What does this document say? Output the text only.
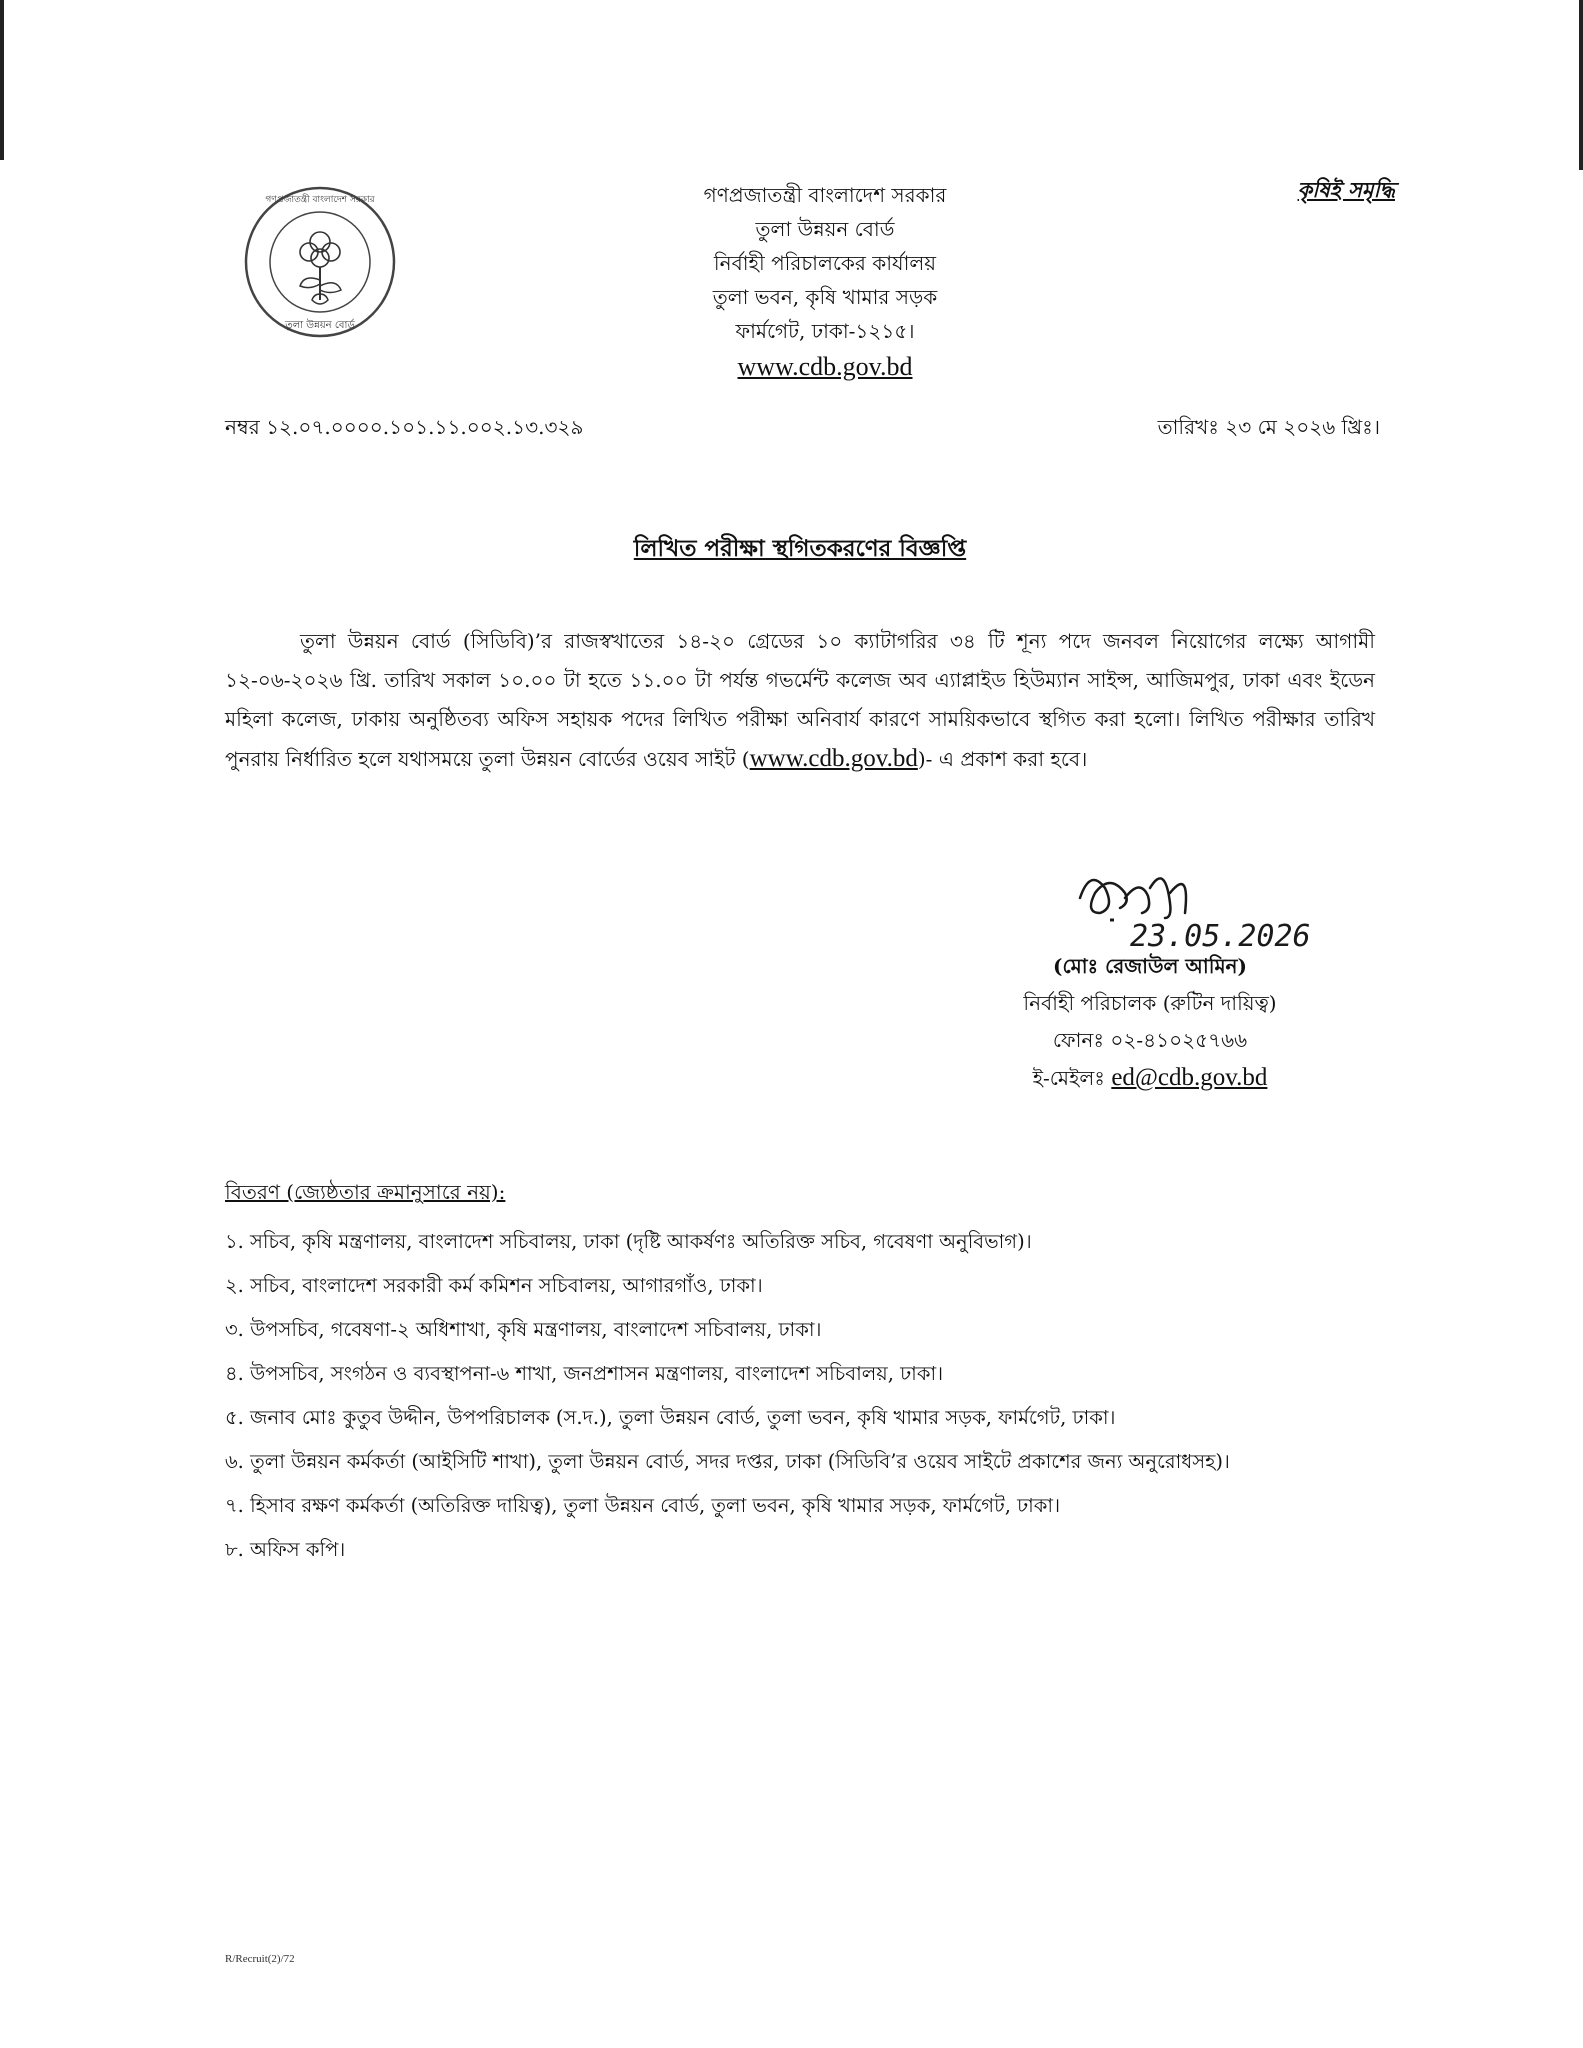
গণপ্রজাতন্ত্রী বাংলাদেশ সরকার
তুলা উন্নয়ন বোর্ড
গণপ্রজাতন্ত্রী বাংলাদেশ সরকার
তুলা উন্নয়ন বোর্ড
নির্বাহী পরিচালকের কার্যালয়
তুলা ভবন, কৃষি খামার সড়ক
ফার্মগেট, ঢাকা-১২১৫।
www.cdb.gov.bd
কৃষিই সমৃদ্ধি
নম্বর ১২.০৭.০০০০.১০১.১১.০০২.১৩.৩২৯	তারিখঃ ২৩ মে ২০২৬ খ্রিঃ।
লিখিত পরীক্ষা স্থগিতকরণের বিজ্ঞপ্তি
তুলা উন্নয়ন বোর্ড (সিডিবি)’র রাজস্বখাতের ১৪-২০ গ্রেডের ১০ ক্যাটাগরির ৩৪ টি শূন্য পদে জনবল নিয়োগের লক্ষ্যে আগামী ১২-০৬-২০২৬ খ্রি. তারিখ সকাল ১০.০০ টা হতে ১১.০০ টা পর্যন্ত গভর্মেন্ট কলেজ অব এ্যাপ্লাইড হিউম্যান সাইন্স, আজিমপুর, ঢাকা এবং ইডেন মহিলা কলেজ, ঢাকায় অনুষ্ঠিতব্য অফিস সহায়ক পদের লিখিত পরীক্ষা অনিবার্য কারণে সাময়িকভাবে স্থগিত করা হলো। লিখিত পরীক্ষার তারিখ পুনরায় নির্ধারিত হলে যথাসময়ে তুলা উন্নয়ন বোর্ডের ওয়েব সাইট (www.cdb.gov.bd)- এ প্রকাশ করা হবে।
23.05.2026
(মোঃ রেজাউল আমিন)
নির্বাহী পরিচালক (রুটিন দায়িত্ব)
ফোনঃ ০২-৪১০২৫৭৬৬
ই-মেইলঃ ed@cdb.gov.bd
বিতরণ (জ্যেষ্ঠতার ক্রমানুসারে নয়):
১. সচিব, কৃষি মন্ত্রণালয়, বাংলাদেশ সচিবালয়, ঢাকা (দৃষ্টি আকর্ষণঃ অতিরিক্ত সচিব, গবেষণা অনুবিভাগ)।
২. সচিব, বাংলাদেশ সরকারী কর্ম কমিশন সচিবালয়, আগারগাঁও, ঢাকা।
৩. উপসচিব, গবেষণা-২ অধিশাখা, কৃষি মন্ত্রণালয়, বাংলাদেশ সচিবালয়, ঢাকা।
৪. উপসচিব, সংগঠন ও ব্যবস্থাপনা-৬ শাখা, জনপ্রশাসন মন্ত্রণালয়, বাংলাদেশ সচিবালয়, ঢাকা।
৫. জনাব মোঃ কুতুব উদ্দীন, উপপরিচালক (স.দ.), তুলা উন্নয়ন বোর্ড, তুলা ভবন, কৃষি খামার সড়ক, ফার্মগেট, ঢাকা।
৬. তুলা উন্নয়ন কর্মকর্তা (আইসিটি শাখা), তুলা উন্নয়ন বোর্ড, সদর দপ্তর, ঢাকা (সিডিবি’র ওয়েব সাইটে প্রকাশের জন্য অনুরোধসহ)।
৭. হিসাব রক্ষণ কর্মকর্তা (অতিরিক্ত দায়িত্ব), তুলা উন্নয়ন বোর্ড, তুলা ভবন, কৃষি খামার সড়ক, ফার্মগেট, ঢাকা।
৮. অফিস কপি।
R/Recruit(2)/72
